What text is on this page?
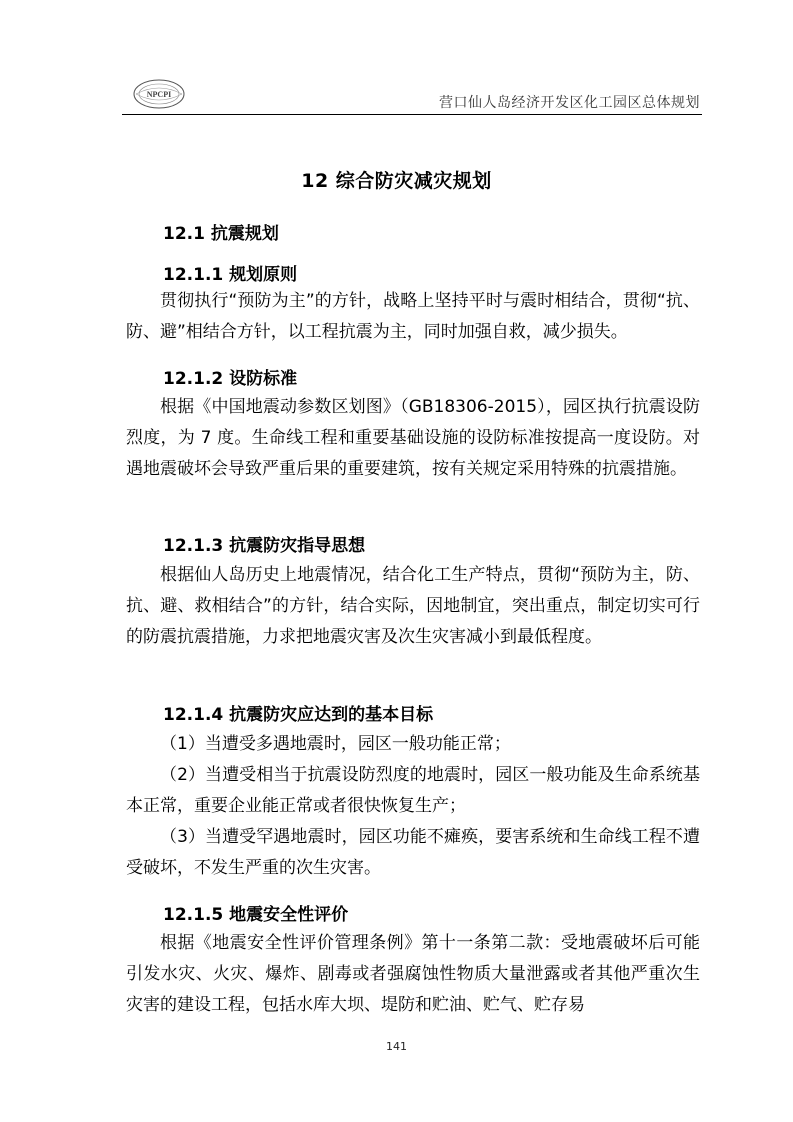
NPCPI
营口仙人岛经济开发区化工园区总体规划
12 综合防灾减灾规划
12.1 抗震规划
12.1.1 规划原则

贯彻执行“预防为主”的方针，战略上坚持平时与震时相结合，贯彻“抗、防、避”相结合方针，以工程抗震为主，同时加强自救，减少损失。

12.1.2 设防标准

根据《中国地震动参数区划图》（GB18306-2015），园区执行抗震设防烈度，为 7 度。生命线工程和重要基础设施的设防标准按提高一度设防。对遇地震破坏会导致严重后果的重要建筑，按有关规定采用特殊的抗震措施。

12.1.3 抗震防灾指导思想

根据仙人岛历史上地震情况，结合化工生产特点，贯彻“预防为主，防、抗、避、救相结合”的方针，结合实际，因地制宜，突出重点，制定切实可行的防震抗震措施，力求把地震灾害及次生灾害减小到最低程度。

12.1.4 抗震防灾应达到的基本目标

（1）当遭受多遇地震时，园区一般功能正常；

（2）当遭受相当于抗震设防烈度的地震时，园区一般功能及生命系统基本正常，重要企业能正常或者很快恢复生产；

（3）当遭受罕遇地震时，园区功能不瘫痪，要害系统和生命线工程不遭受破坏，不发生严重的次生灾害。

12.1.5 地震安全性评价

根据《地震安全性评价管理条例》第十一条第二款：受地震破坏后可能引发水灾、火灾、爆炸、剧毒或者强腐蚀性物质大量泄露或者其他严重次生灾害的建设工程，包括水库大坝、堤防和贮油、贮气、贮存易

141
